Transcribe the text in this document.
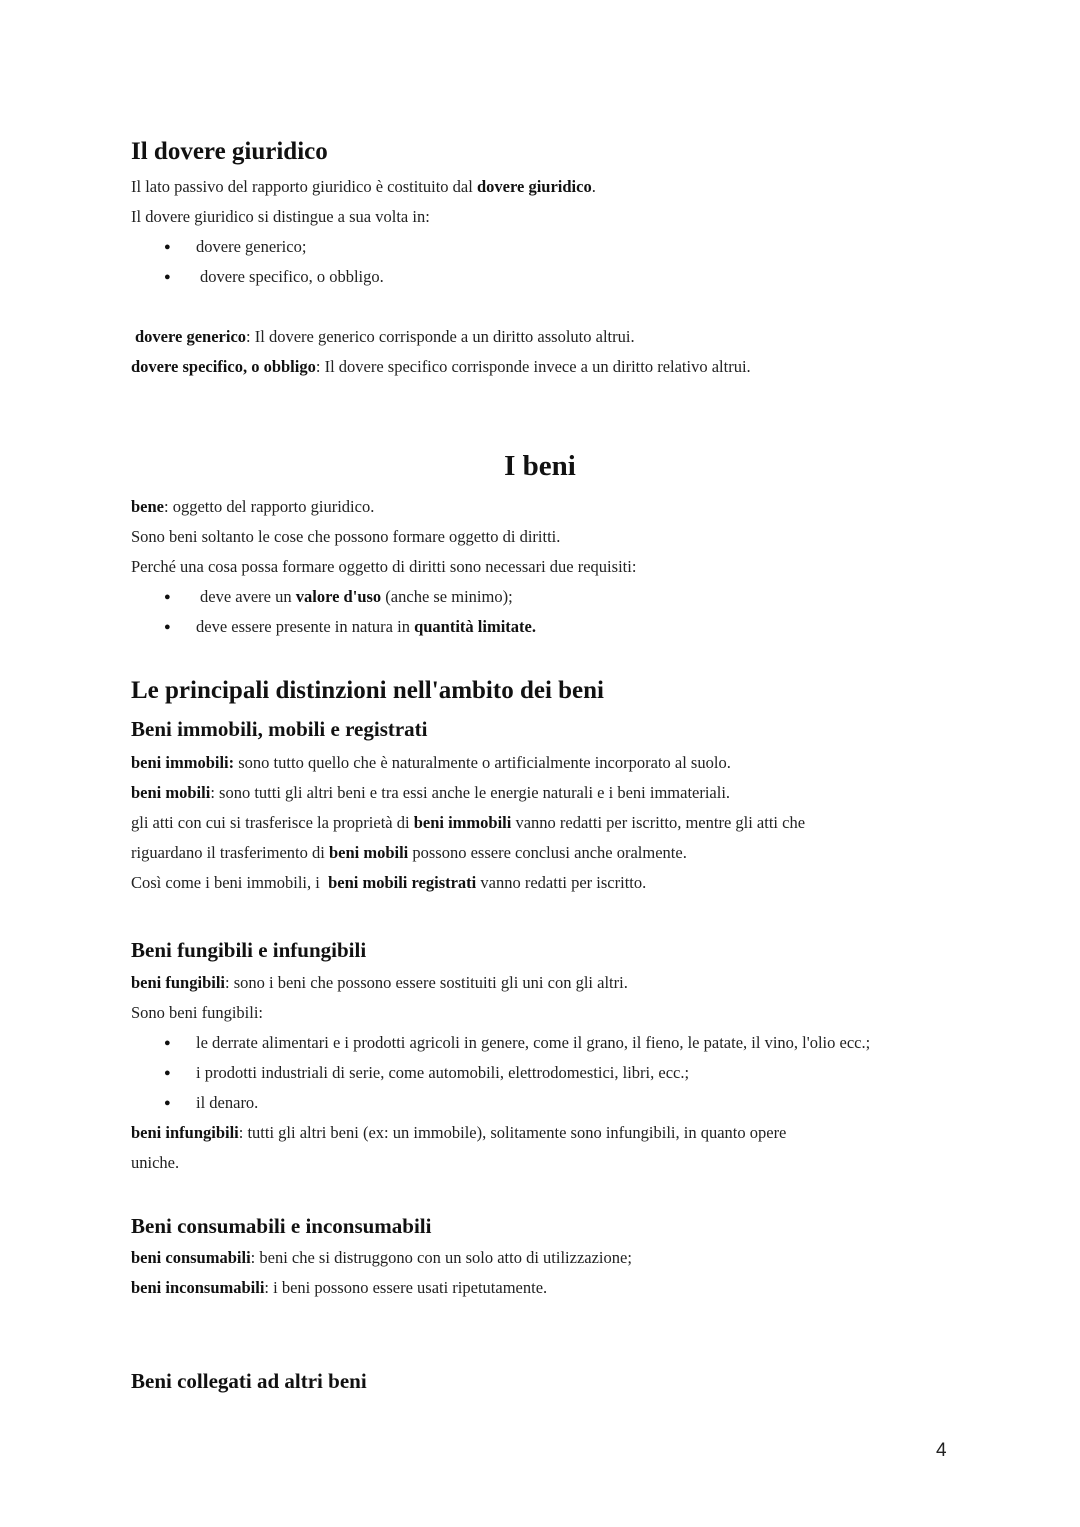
Il dovere giuridico
Il lato passivo del rapporto giuridico è costituito dal dovere giuridico.
Il dovere giuridico si distingue a sua volta in:
● dovere generico;
● dovere specifico, o obbligo.
dovere generico: Il dovere generico corrisponde a un diritto assoluto altrui.
dovere specifico, o obbligo: Il dovere specifico corrisponde invece a un diritto relativo altrui.
I beni
bene: oggetto del rapporto giuridico.
Sono beni soltanto le cose che possono formare oggetto di diritti.
Perché una cosa possa formare oggetto di diritti sono necessari due requisiti:
● deve avere un valore d'uso (anche se minimo);
● deve essere presente in natura in quantità limitate.
Le principali distinzioni nell'ambito dei beni
Beni immobili, mobili e registrati
beni immobili: sono tutto quello che è naturalmente o artificialmente incorporato al suolo.
beni mobili: sono tutti gli altri beni e tra essi anche le energie naturali e i beni immateriali.
gli atti con cui si trasferisce la proprietà di beni immobili vanno redatti per iscritto, mentre gli atti che
riguardano il trasferimento di beni mobili possono essere conclusi anche oralmente.
Così come i beni immobili, i  beni mobili registrati vanno redatti per iscritto.
Beni fungibili e infungibili
beni fungibili: sono i beni che possono essere sostituiti gli uni con gli altri.
Sono beni fungibili:
● le derrate alimentari e i prodotti agricoli in genere, come il grano, il fieno, le patate, il vino, l'olio ecc.;
● i prodotti industriali di serie, come automobili, elettrodomestici, libri, ecc.;
● il denaro.
beni infungibili: tutti gli altri beni (ex: un immobile), solitamente sono infungibili, in quanto opere
uniche.
Beni consumabili e inconsumabili
beni consumabili: beni che si distruggono con un solo atto di utilizzazione;
beni inconsumabili: i beni possono essere usati ripetutamente.
Beni collegati ad altri beni
4
